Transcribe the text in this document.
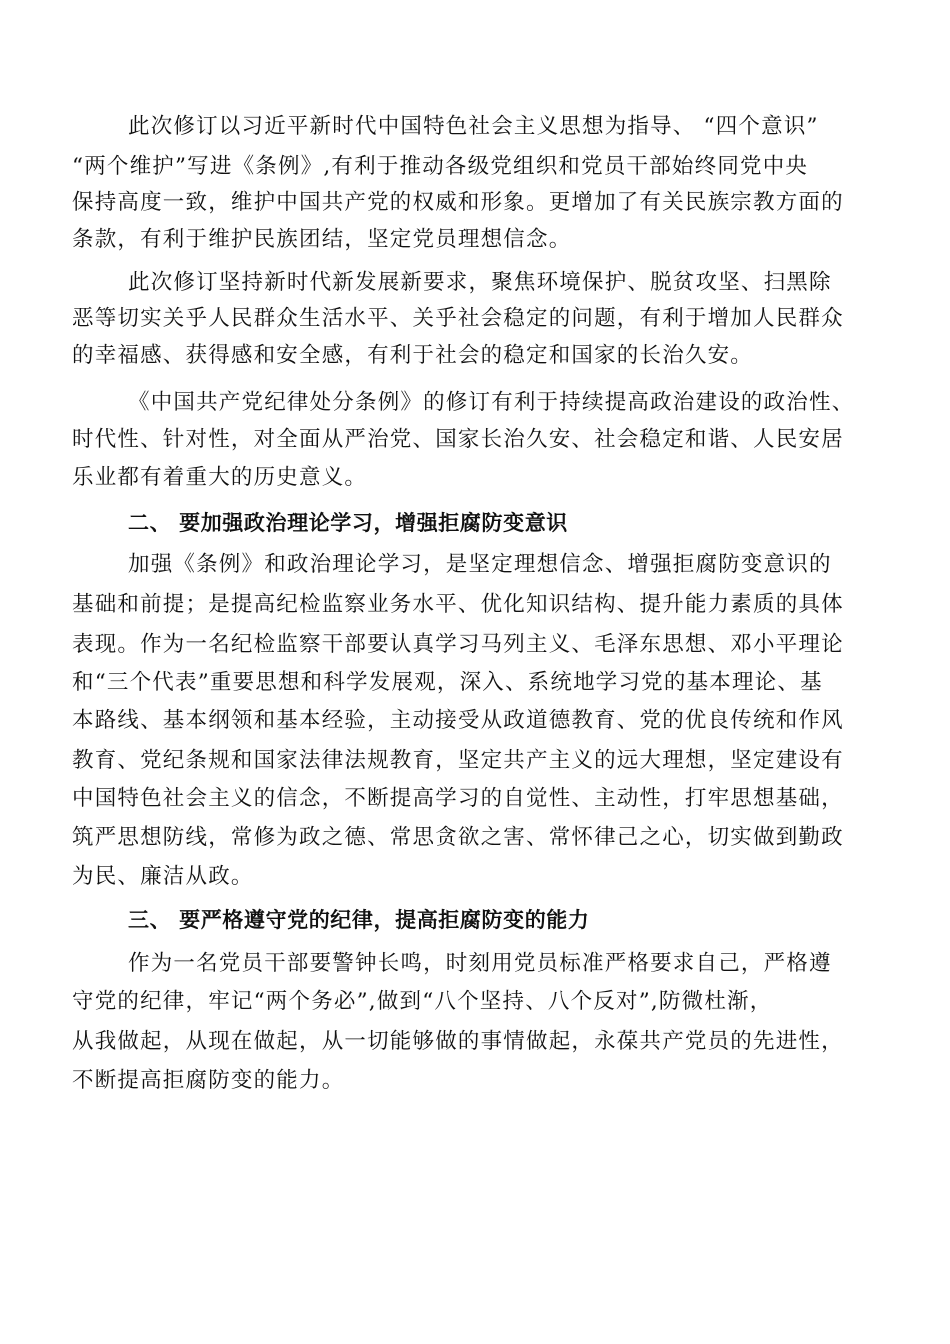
此次修订以习近平新时代中国特色社会主义思想为指导、 “四个意识”
“两个维护”写进《条例》,有利于推动各级党组织和党员干部始终同党中央
保持高度一致，维护中国共产党的权威和形象。更增加了有关民族宗教方面的
条款，有利于维护民族团结，坚定党员理想信念。
此次修订坚持新时代新发展新要求，聚焦环境保护、脱贫攻坚、扫黑除
恶等切实关乎人民群众生活水平、关乎社会稳定的问题，有利于增加人民群众
的幸福感、获得感和安全感，有利于社会的稳定和国家的长治久安。
《中国共产党纪律处分条例》的修订有利于持续提高政治建设的政治性、
时代性、针对性，对全面从严治党、国家长治久安、社会稳定和谐、人民安居
乐业都有着重大的历史意义。
二、 要加强政治理论学习，增强拒腐防变意识
加强《条例》和政治理论学习，是坚定理想信念、增强拒腐防变意识的
基础和前提；是提高纪检监察业务水平、优化知识结构、提升能力素质的具体
表现。作为一名纪检监察干部要认真学习马列主义、毛泽东思想、邓小平理论
和“三个代表”重要思想和科学发展观，深入、系统地学习党的基本理论、基
本路线、基本纲领和基本经验，主动接受从政道德教育、党的优良传统和作风
教育、党纪条规和国家法律法规教育，坚定共产主义的远大理想，坚定建设有
中国特色社会主义的信念，不断提高学习的自觉性、主动性，打牢思想基础，
筑严思想防线，常修为政之德、常思贪欲之害、常怀律己之心，切实做到勤政
为民、廉洁从政。
三、 要严格遵守党的纪律，提高拒腐防变的能力
作为一名党员干部要警钟长鸣，时刻用党员标准严格要求自己，严格遵
守党的纪律，牢记“两个务必”,做到“八个坚持、八个反对”,防微杜渐，
从我做起，从现在做起，从一切能够做的事情做起，永葆共产党员的先进性，
不断提高拒腐防变的能力。
